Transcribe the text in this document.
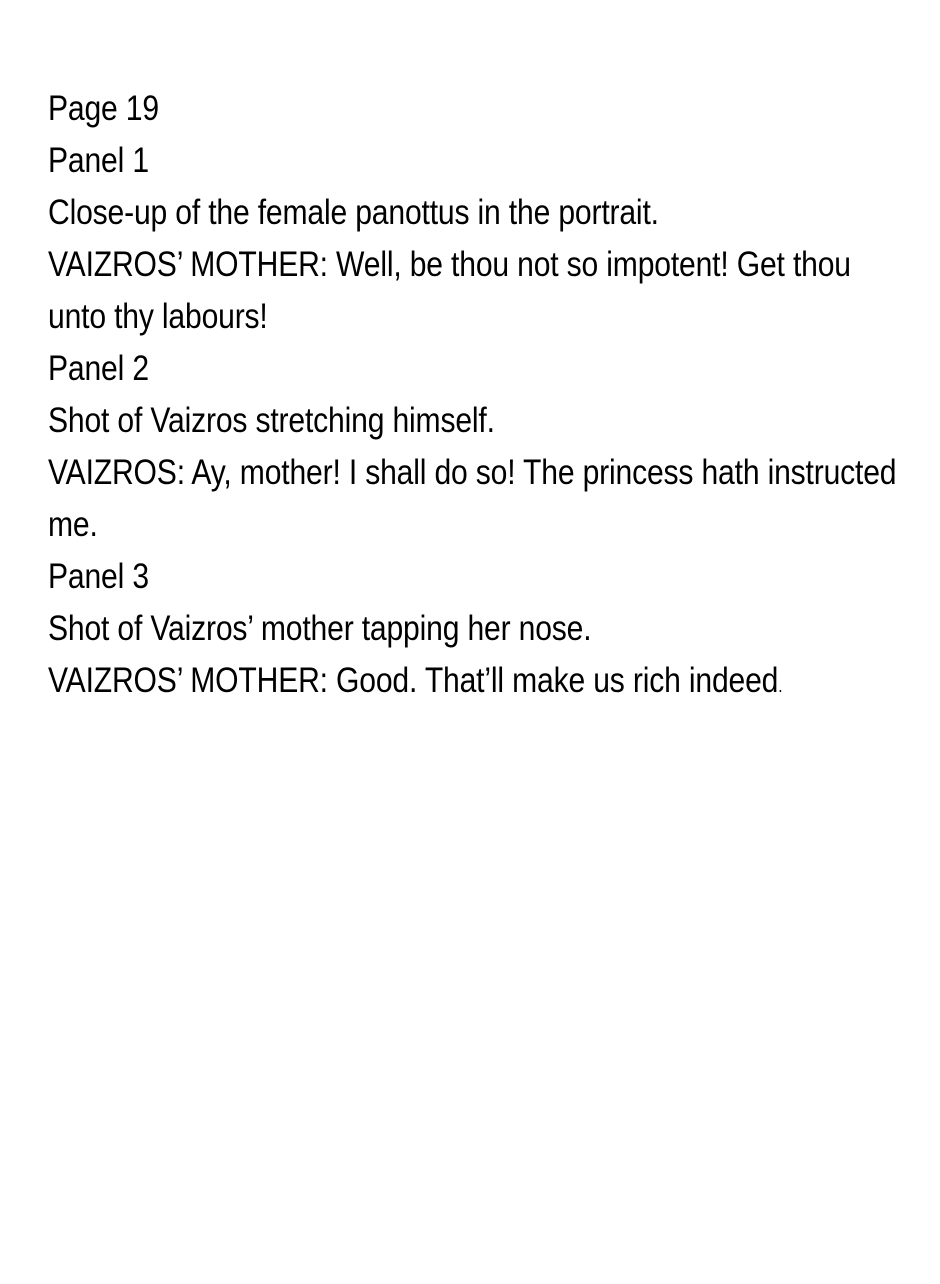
Page 19
Panel 1
Close-up of the female panottus in the portrait.
VAIZROS’ MOTHER: Well, be thou not so impotent! Get thou unto thy labours!
Panel 2
Shot of Vaizros stretching himself.
VAIZROS: Ay, mother! I shall do so! The princess hath instructed me.
Panel 3
Shot of Vaizros’ mother tapping her nose.
VAIZROS’ MOTHER: Good. That’ll make us rich indeed.
